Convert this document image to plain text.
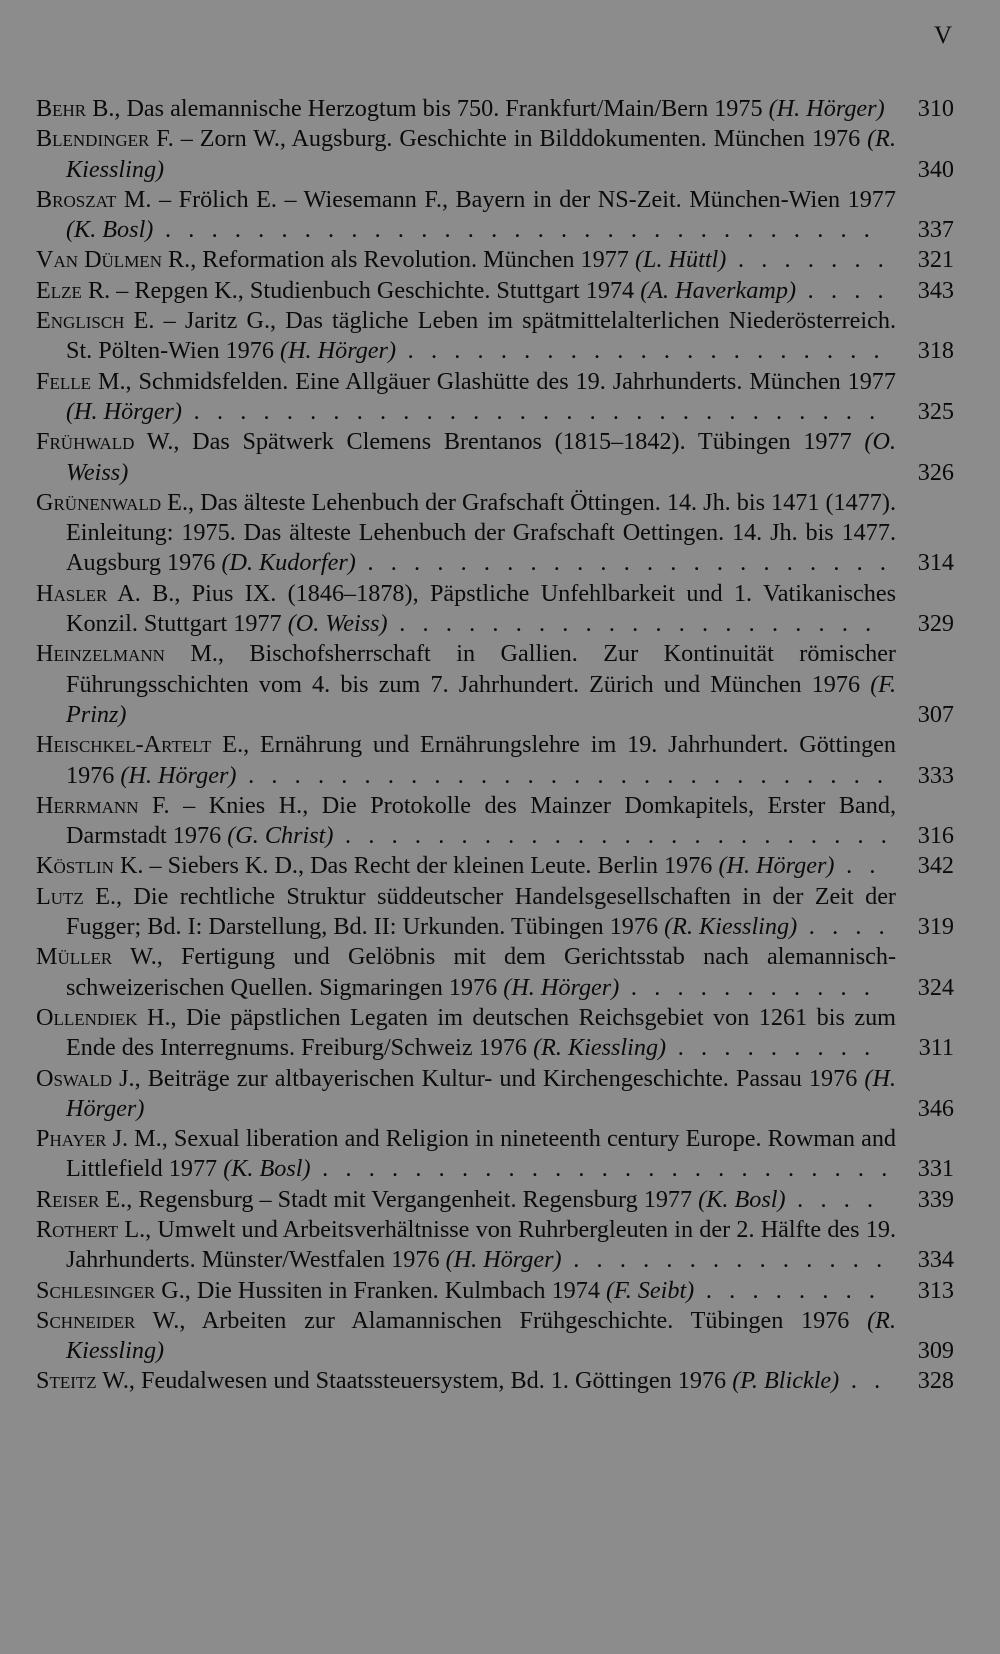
V
Behr B., Das alemannische Herzogtum bis 750. Frankfurt/Main/Bern 1975 (H. Hörger)	310
Blendinger F. – Zorn W., Augsburg. Geschichte in Bilddokumenten. München 1976 (R. Kiessling)	340
Broszat M. – Frölich E. – Wiesemann F., Bayern in der NS-Zeit. München-Wien 1977 (K. Bosl) . . . . . . . . . . . . . . . . . . . . . . . . . . . . . . .	337
Van Dülmen R., Reformation als Revolution. München 1977 (L. Hüttl) . . . . . . .	321
Elze R. – Repgen K., Studienbuch Geschichte. Stuttgart 1974 (A. Haverkamp) . . . .	343
Englisch E. – Jaritz G., Das tägliche Leben im spätmittelalterlichen Niederösterreich. St. Pölten-Wien 1976 (H. Hörger) . . . . . . . . . . . . . . . . . . . . .	318
Felle M., Schmidsfelden. Eine Allgäuer Glashütte des 19. Jahrhunderts. München 1977 (H. Hörger) . . . . . . . . . . . . . . . . . . . . . . . . . . . . . .	325
Frühwald W., Das Spätwerk Clemens Brentanos (1815–1842). Tübingen 1977 (O. Weiss)	326
Grünenwald E., Das älteste Lehenbuch der Grafschaft Öttingen. 14. Jh. bis 1471 (1477). Einleitung: 1975. Das älteste Lehenbuch der Grafschaft Oettingen. 14. Jh. bis 1477. Augsburg 1976 (D. Kudorfer) . . . . . . . . . . . . . . . . . . . . . . .	314
Hasler A. B., Pius IX. (1846–1878), Päpstliche Unfehlbarkeit und 1. Vatikanisches Konzil. Stuttgart 1977 (O. Weiss) . . . . . . . . . . . . . . . . . . . . .	329
Heinzelmann M., Bischofsherrschaft in Gallien. Zur Kontinuität römischer Führungsschichten vom 4. bis zum 7. Jahrhundert. Zürich und München 1976 (F. Prinz)	307
Heischkel-Artelt E., Ernährung und Ernährungslehre im 19. Jahrhundert. Göttingen 1976 (H. Hörger) . . . . . . . . . . . . . . . . . . . . . . . . . . . .	333
Herrmann F. – Knies H., Die Protokolle des Mainzer Domkapitels, Erster Band, Darmstadt 1976 (G. Christ) . . . . . . . . . . . . . . . . . . . . . . . .	316
Köstlin K. – Siebers K. D., Das Recht der kleinen Leute. Berlin 1976 (H. Hörger) . .	342
Lutz E., Die rechtliche Struktur süddeutscher Handelsgesellschaften in der Zeit der Fugger; Bd. I: Darstellung, Bd. II: Urkunden. Tübingen 1976 (R. Kiessling) . . . .	319
Müller W., Fertigung und Gelöbnis mit dem Gerichtsstab nach alemannisch-schweizerischen Quellen. Sigmaringen 1976 (H. Hörger) . . . . . . . . . . .	324
Ollendiek H., Die päpstlichen Legaten im deutschen Reichsgebiet von 1261 bis zum Ende des Interregnums. Freiburg/Schweiz 1976 (R. Kiessling) . . . . . . . . .	311
Oswald J., Beiträge zur altbayerischen Kultur- und Kirchengeschichte. Passau 1976 (H. Hörger)	346
Phayer J. M., Sexual liberation and Religion in nineteenth century Europe. Rowman and Littlefield 1977 (K. Bosl) . . . . . . . . . . . . . . . . . . . . . . . . .	331
Reiser E., Regensburg – Stadt mit Vergangenheit. Regensburg 1977 (K. Bosl) . . . .	339
Rothert L., Umwelt und Arbeitsverhältnisse von Ruhrbergleuten in der 2. Hälfte des 19. Jahrhunderts. Münster/Westfalen 1976 (H. Hörger) . . . . . . . . . . . . . .	334
Schlesinger G., Die Hussiten in Franken. Kulmbach 1974 (F. Seibt) . . . . . . . .	313
Schneider W., Arbeiten zur Alamannischen Frühgeschichte. Tübingen 1976 (R. Kiessling)	309
Steitz W., Feudalwesen und Staatssteuersystem, Bd. 1. Göttingen 1976 (P. Blickle) . .	328
